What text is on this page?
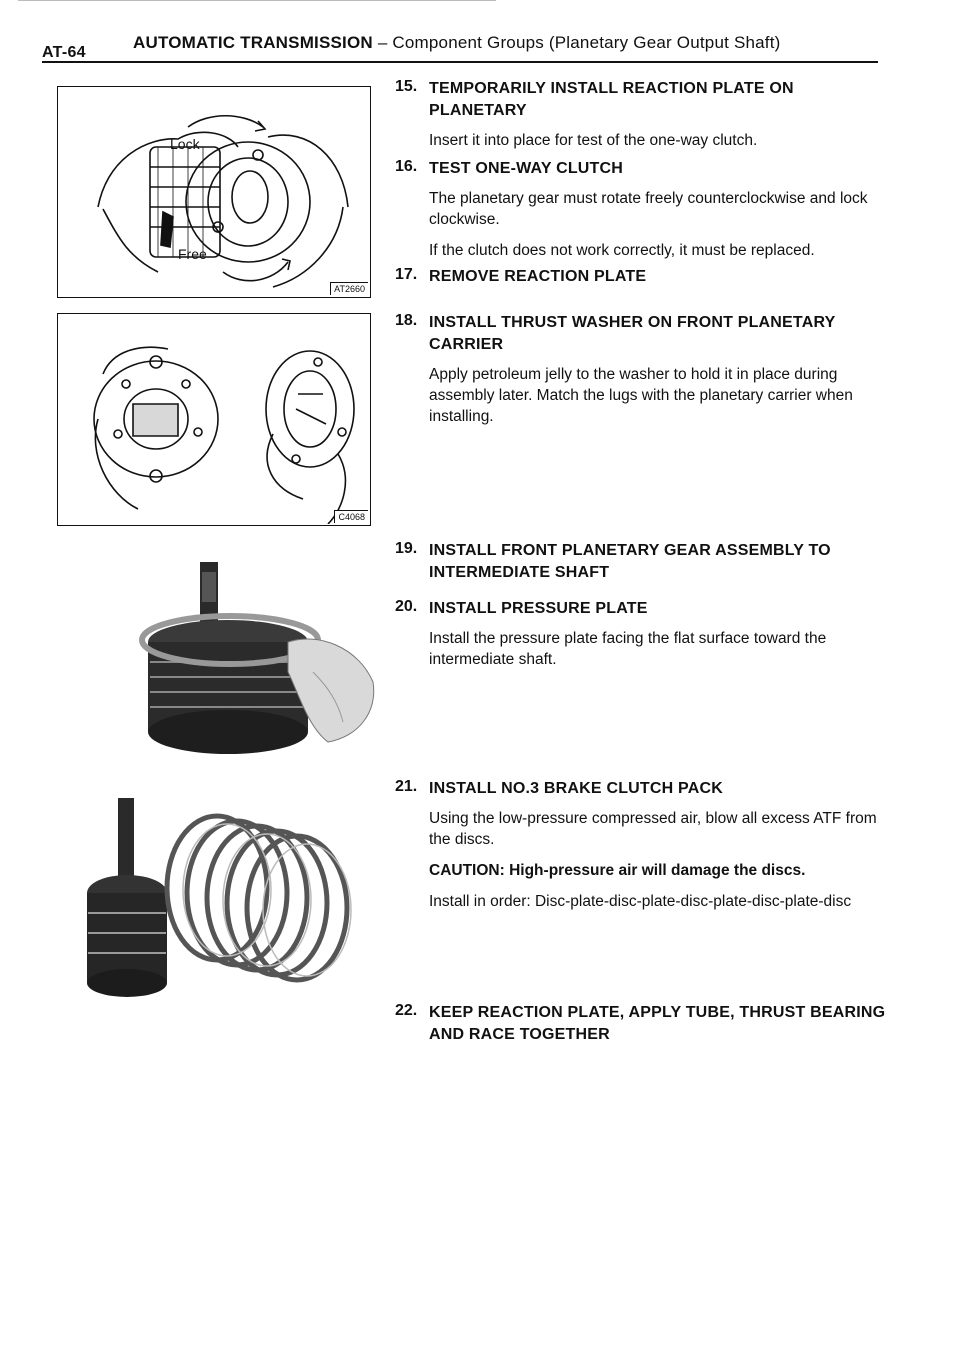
AT-64
AUTOMATIC TRANSMISSION – Component Groups (Planetary Gear Output Shaft)
Lock
Free
AT2660
C4068
15. TEMPORARILY INSTALL REACTION PLATE ON PLANETARY

Insert it into place for test of the one-way clutch.

16. TEST ONE-WAY CLUTCH

The planetary gear must rotate freely counterclockwise and lock clockwise.

If the clutch does not work correctly, it must be replaced.

17. REMOVE REACTION PLATE
18. INSTALL THRUST WASHER ON FRONT PLANETARY CARRIER

Apply petroleum jelly to the washer to hold it in place during assembly later. Match the lugs with the planetary carrier when installing.

19. INSTALL FRONT PLANETARY GEAR ASSEMBLY TO INTERMEDIATE SHAFT
20. INSTALL PRESSURE PLATE

Install the pressure plate facing the flat surface toward the intermediate shaft.

21. INSTALL NO.3 BRAKE CLUTCH PACK

Using the low-pressure compressed air, blow all excess ATF from the discs.

CAUTION: High-pressure air will damage the discs.

Install in order: Disc-plate-disc-plate-disc-plate-disc-plate-disc

22. KEEP REACTION PLATE, APPLY TUBE, THRUST BEARING AND RACE TOGETHER
